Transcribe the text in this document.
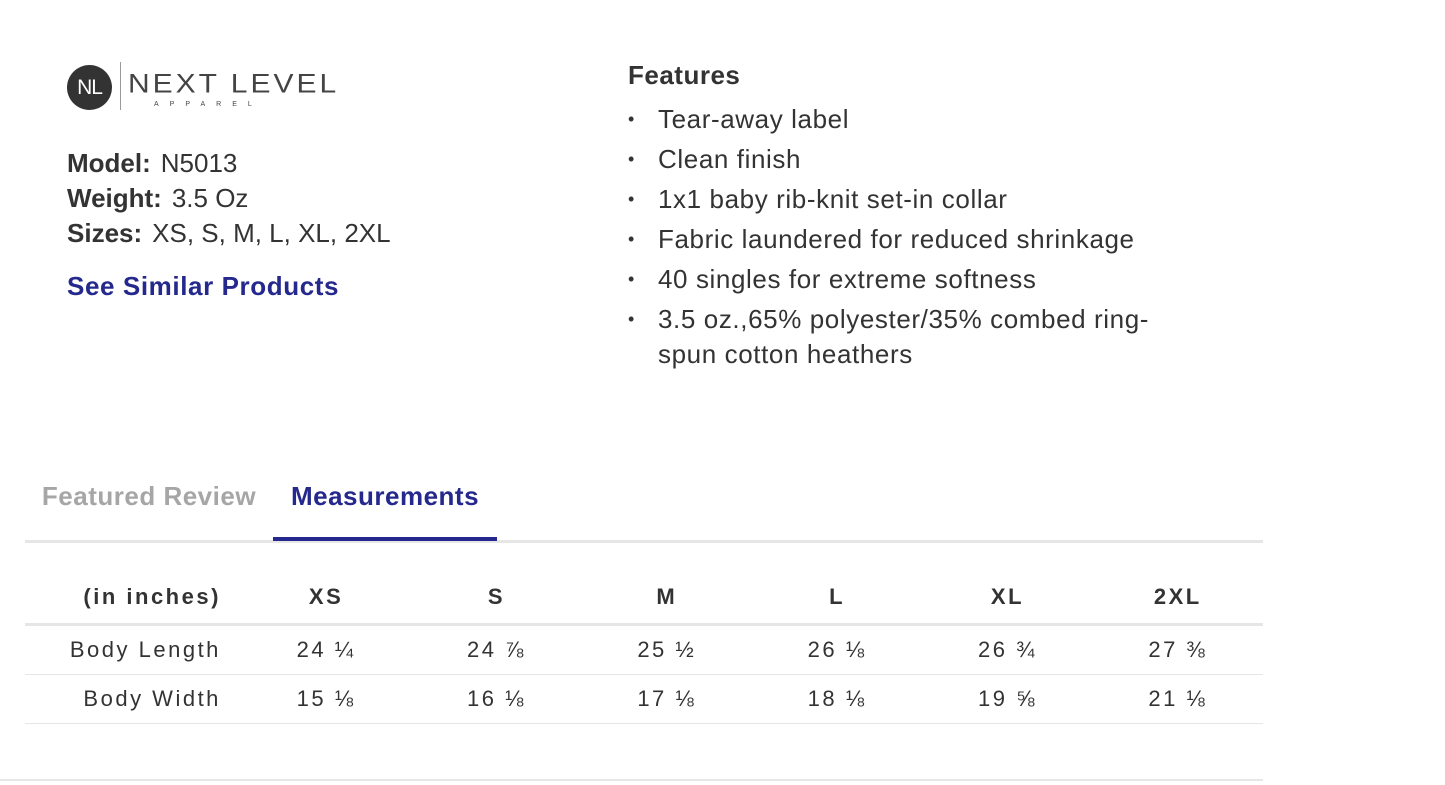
NL NEXT LEVEL
APPAREL
Model: N5013
Weight: 3.5 Oz
Sizes: XS, S, M, L, XL, 2XL
See Similar Products
Features
• Tear-away label
• Clean finish
• 1x1 baby rib-knit set-in collar
• Fabric laundered for reduced shrinkage
• 40 singles for extreme softness
• 3.5 oz.,65% polyester/35% combed ring-spun cotton heathers
Featured Review	Measurements
(in inches)	XS	S	M	L	XL	2XL
Body Length	24 ¼	24 ⅞	25 ½	26 ⅛	26 ¾	27 ⅜
Body Width	15 ⅛	16 ⅛	17 ⅛	18 ⅛	19 ⅝	21 ⅛
